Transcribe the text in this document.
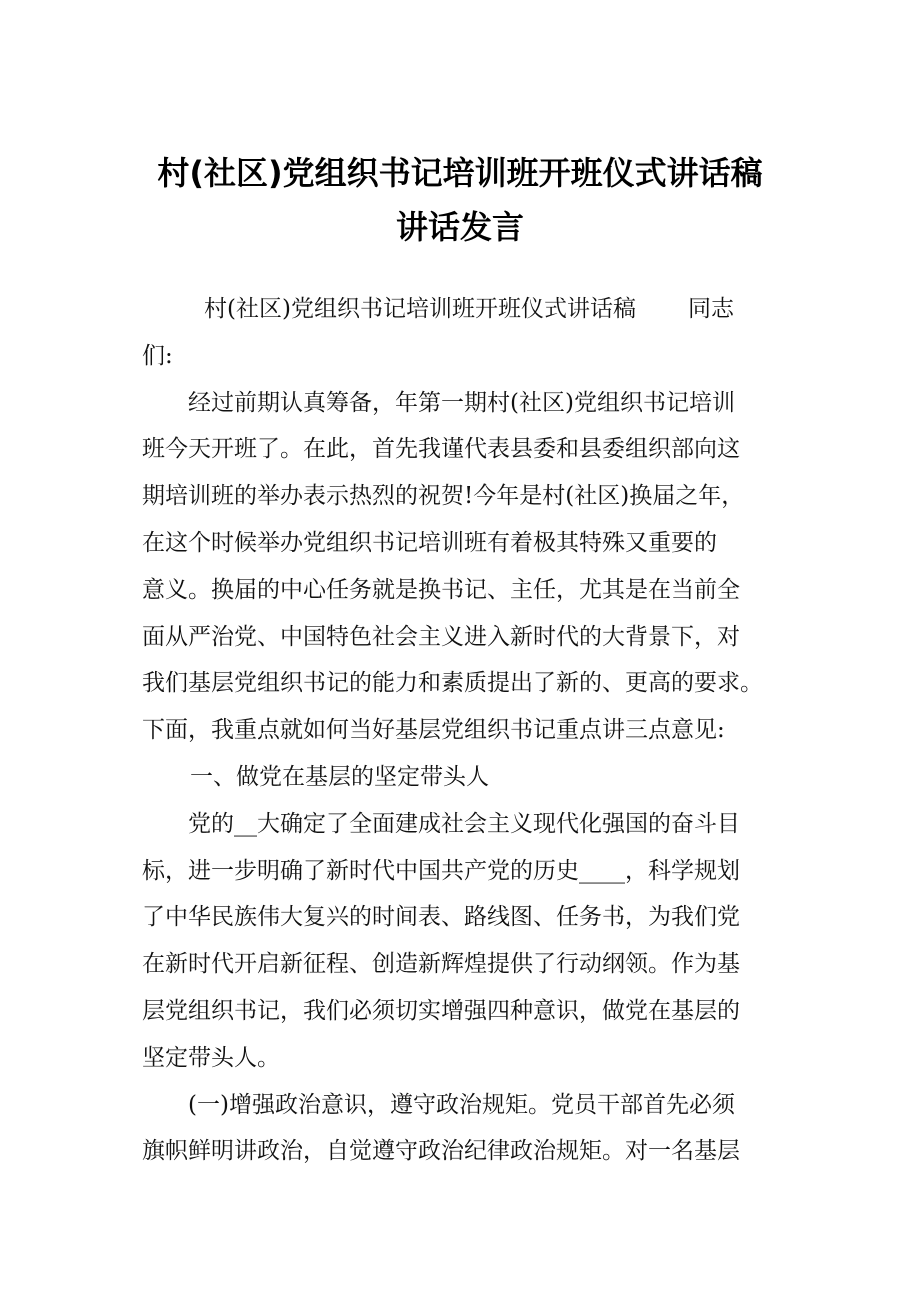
村(社区)党组织书记培训班开班仪式讲话稿
讲话发言
村(社区)党组织书记培训班开班仪式讲话稿 同志
们:
　　经过前期认真筹备，年第一期村(社区)党组织书记培训
班今天开班了。在此，首先我谨代表县委和县委组织部向这
期培训班的举办表示热烈的祝贺!今年是村(社区)换届之年，
在这个时候举办党组织书记培训班有着极其特殊又重要的
意义。换届的中心任务就是换书记、主任，尤其是在当前全
面从严治党、中国特色社会主义进入新时代的大背景下，对
我们基层党组织书记的能力和素质提出了新的、更高的要求。
下面，我重点就如何当好基层党组织书记重点讲三点意见:
一、做党在基层的坚定带头人
　　党的__大确定了全面建成社会主义现代化强国的奋斗目
标，进一步明确了新时代中国共产党的历史____，科学规划
了中华民族伟大复兴的时间表、路线图、任务书，为我们党
在新时代开启新征程、创造新辉煌提供了行动纲领。作为基
层党组织书记，我们必须切实增强四种意识，做党在基层的
坚定带头人。
　　(一)增强政治意识，遵守政治规矩。党员干部首先必须
旗帜鲜明讲政治，自觉遵守政治纪律政治规矩。对一名基层
